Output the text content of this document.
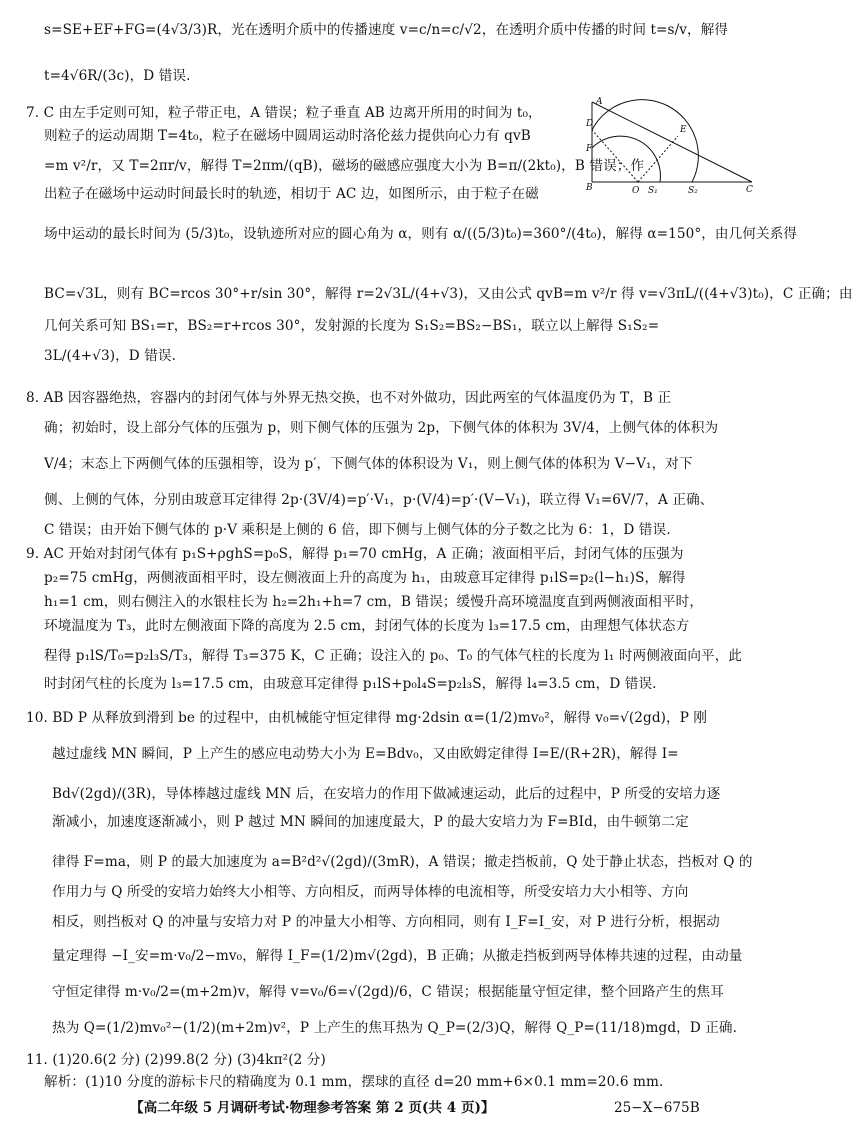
s=SE+EF+FG=(4√3/3)R，光在透明介质中的传播速度 v=c/n=c/√2，在透明介质中传播的时间 t=s/v，解得
t=4√6R/(3c)，D 错误.
7. C 由左手定则可知，粒子带正电，A 错误；粒子垂直 AB 边离开所用的时间为 t₀，
则粒子的运动周期 T=4t₀，粒子在磁场中圆周运动时洛伦兹力提供向心力有 qvB
=m v²/r，又 T=2πr/v，解得 T=2πm/(qB)，磁场的磁感应强度大小为 B=π/(2kt₀)，B 错误；作
出粒子在磁场中运动时间最长时的轨迹，相切于 AC 边，如图所示，由于粒子在磁
场中运动的最长时间为 (5/3)t₀，设轨迹所对应的圆心角为 α，则有 α/((5/3)t₀)=360°/(4t₀)，解得 α=150°，由几何关系得
BC=√3L，则有 BC=rcos 30°+r/sin 30°，解得 r=2√3L/(4+√3)，又由公式 qvB=m v²/r 得 v=√3πL/((4+√3)t₀)，C 正确；由
几何关系可知 BS₁=r，BS₂=r+rcos 30°，发射源的长度为 S₁S₂=BS₂−BS₁，联立以上解得 S₁S₂=
3L/(4+√3)，D 错误.
8. AB 因容器绝热，容器内的封闭气体与外界无热交换，也不对外做功，因此两室的气体温度仍为 T，B 正
确；初始时，设上部分气体的压强为 p，则下侧气体的压强为 2p，下侧气体的体积为 3V/4，上侧气体的体积为
V/4；末态上下两侧气体的压强相等，设为 p′，下侧气体的体积设为 V₁，则上侧气体的体积为 V−V₁，对下
侧、上侧的气体，分别由玻意耳定律得 2p·(3V/4)=p′·V₁，p·(V/4)=p′·(V−V₁)，联立得 V₁=6V/7，A 正确、
C 错误；由开始下侧气体的 p·V 乘积是上侧的 6 倍，即下侧与上侧气体的分子数之比为 6：1，D 错误.
9. AC 开始对封闭气体有 p₁S+ρghS=p₀S，解得 p₁=70 cmHg，A 正确；液面相平后，封闭气体的压强为
p₂=75 cmHg，两侧液面相平时，设左侧液面上升的高度为 h₁，由玻意耳定律得 p₁lS=p₂(l−h₁)S，解得
h₁=1 cm，则右侧注入的水银柱长为 h₂=2h₁+h=7 cm，B 错误；缓慢升高环境温度直到两侧液面相平时，
环境温度为 T₃，此时左侧液面下降的高度为 2.5 cm，封闭气体的长度为 l₃=17.5 cm，由理想气体状态方
程得 p₁lS/T₀=p₂l₃S/T₃，解得 T₃=375 K，C 正确；设注入的 p₀、T₀ 的气体气柱的长度为 l₁ 时两侧液面向平，此
时封闭气柱的长度为 l₃=17.5 cm，由玻意耳定律得 p₁lS+p₀l₄S=p₂l₃S，解得 l₄=3.5 cm，D 错误.
10. BD P 从释放到滑到 be 的过程中，由机械能守恒定律得 mg·2dsin α=(1/2)mv₀²，解得 v₀=√(2gd)，P 刚
越过虚线 MN 瞬间，P 上产生的感应电动势大小为 E=Bdv₀，又由欧姆定律得 I=E/(R+2R)，解得 I=
Bd√(2gd)/(3R)，导体棒越过虚线 MN 后，在安培力的作用下做减速运动，此后的过程中，P 所受的安培力逐
渐减小，加速度逐渐减小，则 P 越过 MN 瞬间的加速度最大，P 的最大安培力为 F=BId，由牛顿第二定
律得 F=ma，则 P 的最大加速度为 a=B²d²√(2gd)/(3mR)，A 错误；撤走挡板前，Q 处于静止状态，挡板对 Q 的
作用力与 Q 所受的安培力始终大小相等、方向相反，而两导体棒的电流相等，所受安培力大小相等、方向
相反，则挡板对 Q 的冲量与安培力对 P 的冲量大小相等、方向相同，则有 I_F=I_安，对 P 进行分析，根据动
量定理得 −I_安=m·v₀/2−mv₀，解得 I_F=(1/2)m√(2gd)，B 正确；从撤走挡板到两导体棒共速的过程，由动量
守恒定律得 m·v₀/2=(m+2m)v，解得 v=v₀/6=√(2gd)/6，C 错误；根据能量守恒定律，整个回路产生的焦耳
热为 Q=(1/2)mv₀²−(1/2)(m+2m)v²，P 上产生的焦耳热为 Q_P=(2/3)Q，解得 Q_P=(11/18)mgd，D 正确.
11. (1)20.6(2 分) (2)99.8(2 分) (3)4kπ²(2 分)
解析：(1)10 分度的游标卡尺的精确度为 0.1 mm，摆球的直径 d=20 mm+6×0.1 mm=20.6 mm.
【高二年级 5 月调研考试·物理参考答案 第 2 页(共 4 页)】	25−X−675B
A
D
E
F
B	O S₁	S₂	C
